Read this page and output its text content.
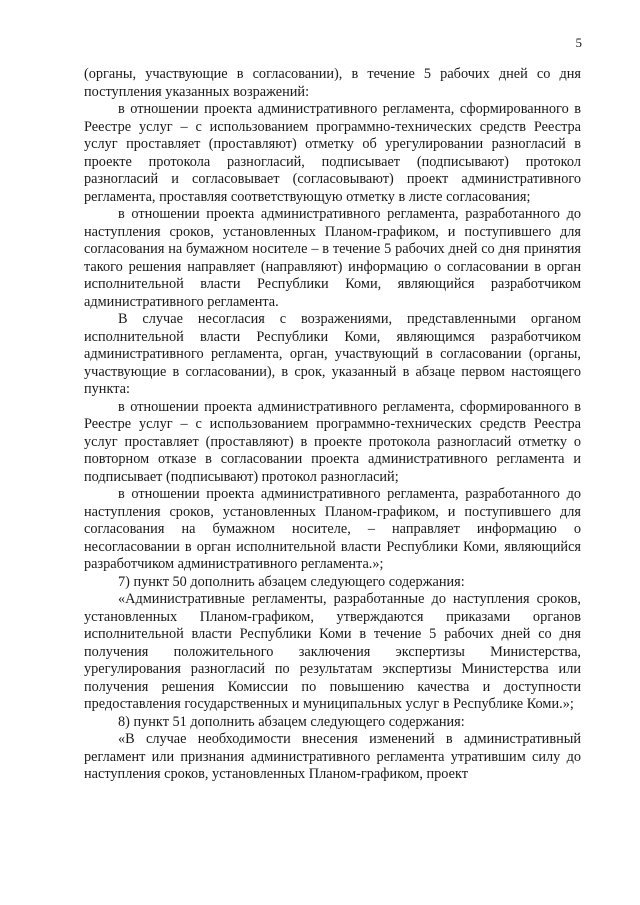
5

(органы, участвующие в согласовании), в течение 5 рабочих дней со дня поступления указанных возражений:

в отношении проекта административного регламента, сформированного в Реестре услуг – с использованием программно-технических средств Реестра услуг проставляет (проставляют) отметку об урегулировании разногласий в проекте протокола разногласий, подписывает (подписывают) протокол разногласий и согласовывает (согласовывают) проект административного регламента, проставляя соответствующую отметку в листе согласования;

в отношении проекта административного регламента, разработанного до наступления сроков, установленных Планом-графиком, и поступившего для согласования на бумажном носителе – в течение 5 рабочих дней со дня принятия такого решения направляет (направляют) информацию о согласовании в орган исполнительной власти Республики Коми, являющийся разработчиком административного регламента.

В случае несогласия с возражениями, представленными органом исполнительной власти Республики Коми, являющимся разработчиком административного регламента, орган, участвующий в согласовании (органы, участвующие в согласовании), в срок, указанный в абзаце первом настоящего пункта:

в отношении проекта административного регламента, сформированного в Реестре услуг – с использованием программно-технических средств Реестра услуг проставляет (проставляют) в проекте протокола разногласий отметку о повторном отказе в согласовании проекта административного регламента и подписывает (подписывают) протокол разногласий;

в отношении проекта административного регламента, разработанного до наступления сроков, установленных Планом-графиком, и поступившего для согласования на бумажном носителе, – направляет информацию о несогласовании в орган исполнительной власти Республики Коми, являющийся разработчиком административного регламента.»;

7) пункт 50 дополнить абзацем следующего содержания:

«Административные регламенты, разработанные до наступления сроков, установленных Планом-графиком, утверждаются приказами органов исполнительной власти Республики Коми в течение 5 рабочих дней со дня получения положительного заключения экспертизы Министерства, урегулирования разногласий по результатам экспертизы Министерства или получения решения Комиссии по повышению качества и доступности предоставления государственных и муниципальных услуг в Республике Коми.»;

8) пункт 51 дополнить абзацем следующего содержания:

«В случае необходимости внесения изменений в административный регламент или признания административного регламента утратившим силу до наступления сроков, установленных Планом-графиком, проект
